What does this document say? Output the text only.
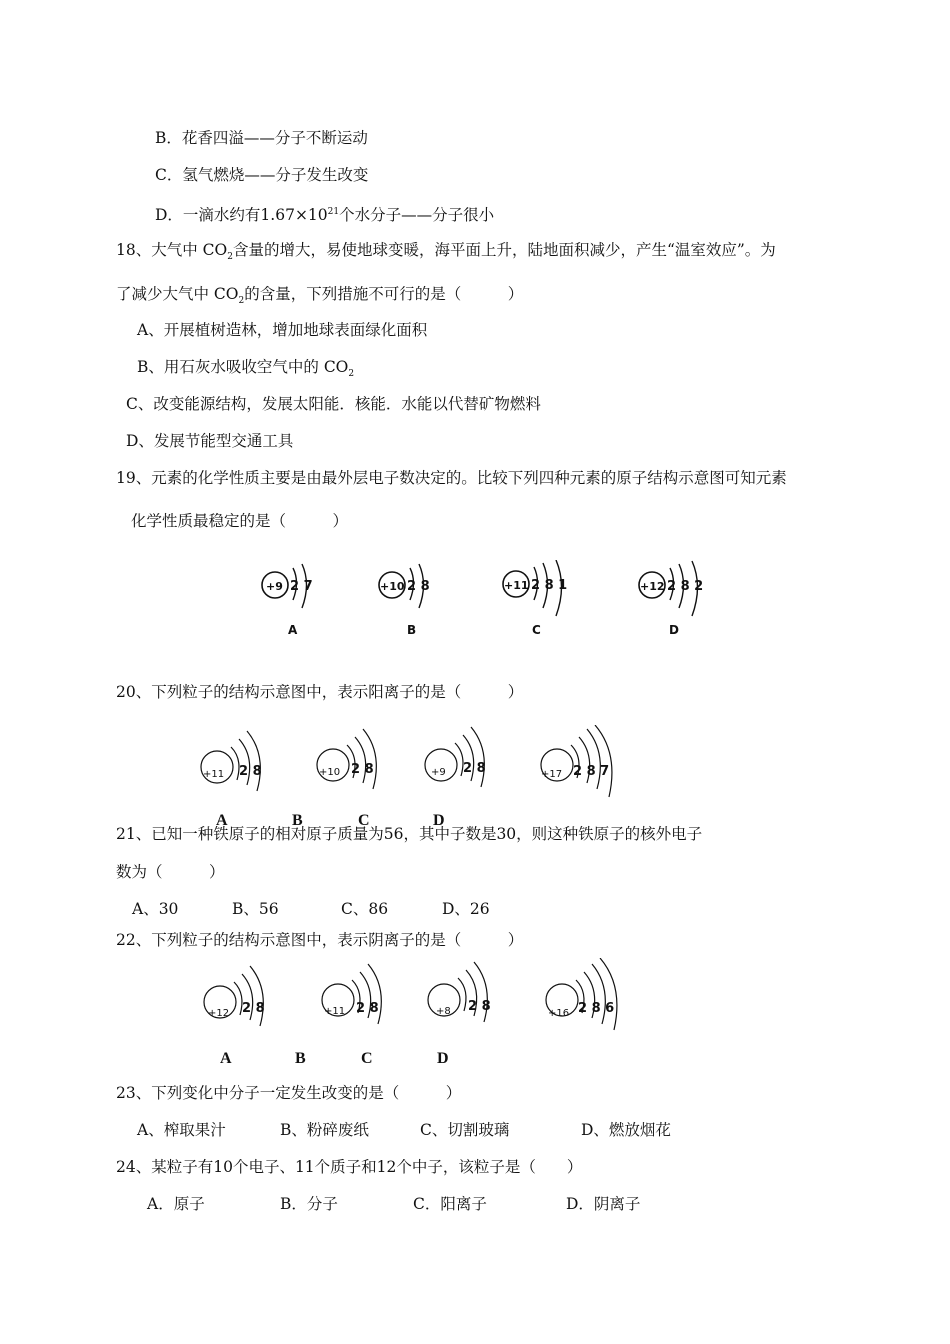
B．花香四溢——分子不断运动
C．氢气燃烧——分子发生改变
D．一滴水约有$1.67\times 10^{21}$个水分子——分子很小
18、大气中 $CO_2$含量的增大，易使地球变暖，海平面上升，陆地面积减少，产生“温室效应”。为
了减少大气中 $CO_2$的含量，下列措施不可行的是（　　　）
A、开展植树造林，增加地球表面绿化面积
B、用石灰水吸收空气中的 $CO_2$
C、改变能源结构，发展太阳能．核能．水能以代替矿物燃料
D、发展节能型交通工具
19、元素的化学性质主要是由最外层电子数决定的。比较下列四种元素的原子结构示意图可知元素
化学性质最稳定的是（　　　）
+9 2 7
A
+10 2 8
B
+11 2 8 1
C
+12 2 8 2
D
20、下列粒子的结构示意图中，表示阳离子的是（　　　）
+11 2 8	+10 2 8	+9 2 8	+17 2 8 7
A	B	C	D
21、已知一种铁原子的相对原子质量为56，其中子数是30，则这种铁原子的核外电子
数为（　　　）
A、30	B、56	C、86	D、26
22、下列粒子的结构示意图中，表示阴离子的是（　　　）
+12 2 8	+11 2 8	+8 2 8	+16 2 8 6
A	B	C	D
23、下列变化中分子一定发生改变的是（　　　）
A、榨取果汁	B、粉碎废纸	C、切割玻璃	D、燃放烟花
24、某粒子有10个电子、11个质子和12个中子，该粒子是（　　）
A．原子	B．分子	C．阳离子	D．阴离子
